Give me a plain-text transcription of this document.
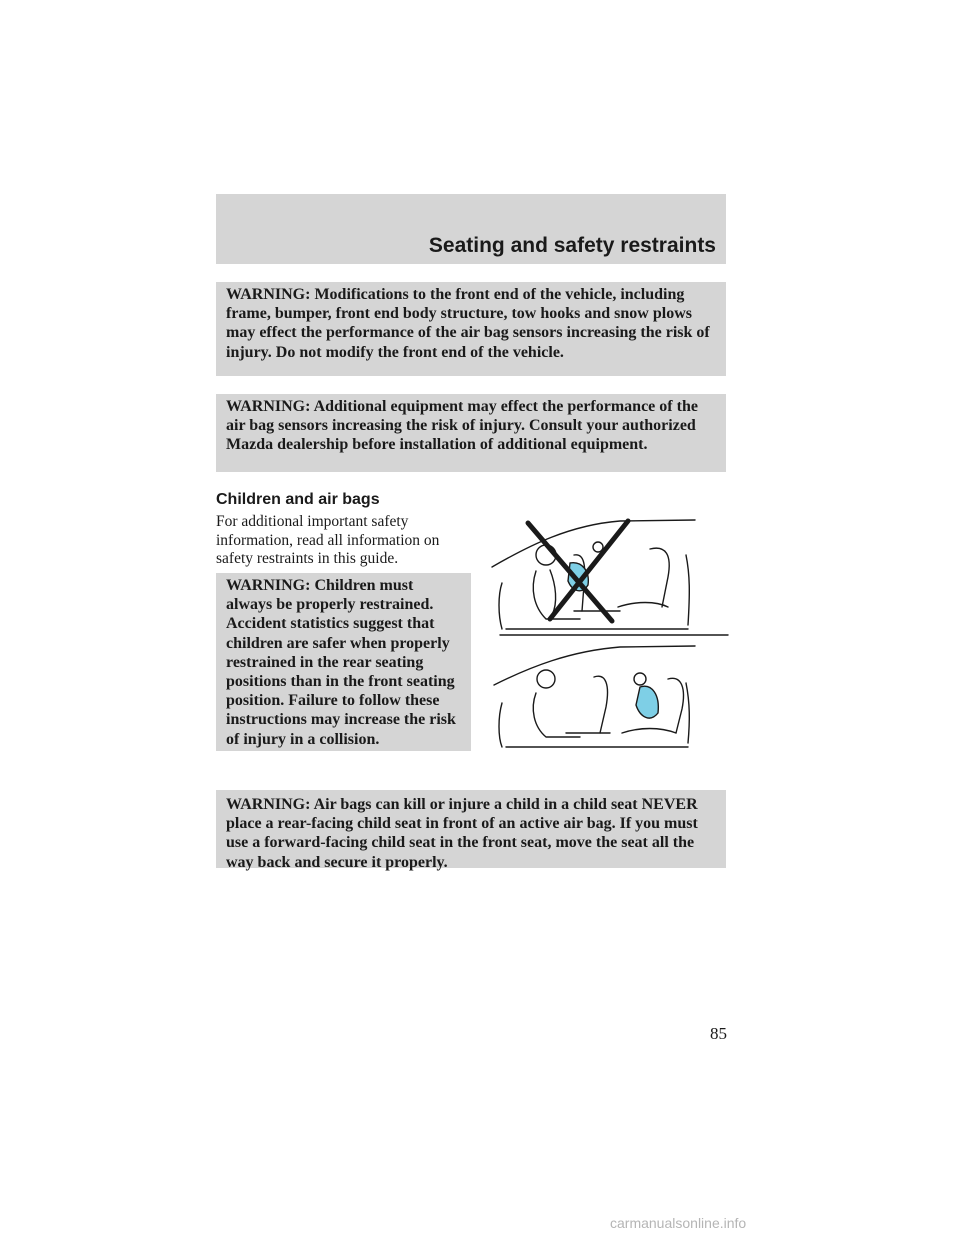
Seating and safety restraints
WARNING: Modifications to the front end of the vehicle, including frame, bumper, front end body structure, tow hooks and snow plows may effect the performance of the air bag sensors increasing the risk of injury. Do not modify the front end of the vehicle.
WARNING: Additional equipment may effect the performance of the air bag sensors increasing the risk of injury. Consult your authorized Mazda dealership before installation of additional equipment.
Children and air bags
For additional important safety information, read all information on safety restraints in this guide.
WARNING: Children must always be properly restrained. Accident statistics suggest that children are safer when properly restrained in the rear seating positions than in the front seating position. Failure to follow these instructions may increase the risk of injury in a collision.
WARNING: Air bags can kill or injure a child in a child seat NEVER place a rear-facing child seat in front of an active air bag. If you must use a forward-facing child seat in the front seat, move the seat all the way back and secure it properly.
85
carmanualsonline.info
